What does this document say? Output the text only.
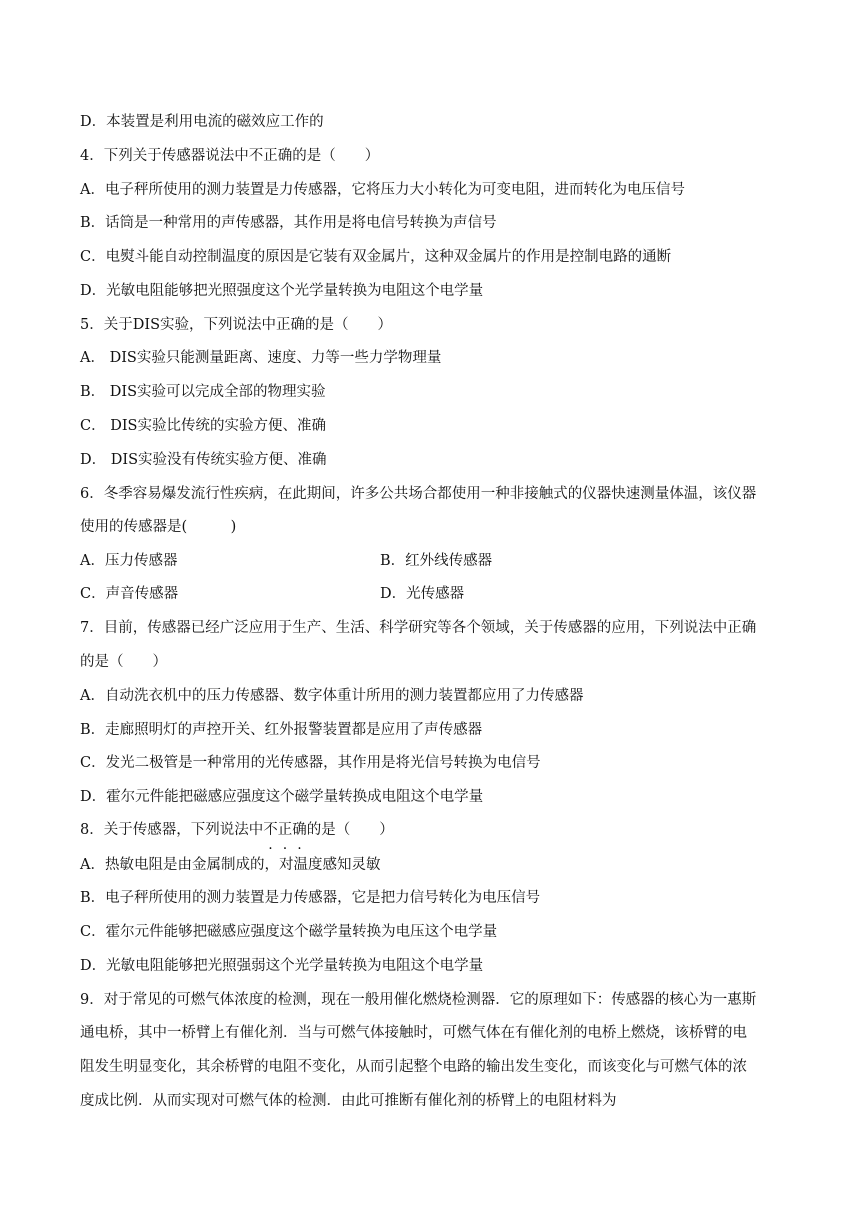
D．本装置是利用电流的磁效应工作的
4．下列关于传感器说法中不正确的是（　　）
A．电子秤所使用的测力装置是力传感器，它将压力大小转化为可变电阻，进而转化为电压信号
B．话筒是一种常用的声传感器，其作用是将电信号转换为声信号
C．电熨斗能自动控制温度的原因是它装有双金属片，这种双金属片的作用是控制电路的通断
D．光敏电阻能够把光照强度这个光学量转换为电阻这个电学量
5．关于DIS实验，下列说法中正确的是（　　）
A． DIS实验只能测量距离、速度、力等一些力学物理量
B． DIS实验可以完成全部的物理实验
C． DIS实验比传统的实验方便、准确
D． DIS实验没有传统实验方便、准确
6．冬季容易爆发流行性疾病，在此期间，许多公共场合都使用一种非接触式的仪器快速测量体温，该仪器
使用的传感器是(　　　)
A．压力传感器	B．红外线传感器
C．声音传感器	D．光传感器
7．目前，传感器已经广泛应用于生产、生活、科学研究等各个领域，关于传感器的应用，下列说法中正确
的是（　　）
A．自动洗衣机中的压力传感器、数字体重计所用的测力装置都应用了力传感器
B．走廊照明灯的声控开关、红外报警装置都是应用了声传感器
C．发光二极管是一种常用的光传感器，其作用是将光信号转换为电信号
D．霍尔元件能把磁感应强度这个磁学量转换成电阻这个电学量
8．关于传感器，下列说法中不正确的是（　　）
A．热敏电阻是由金属制成的，对温度感知灵敏
B．电子秤所使用的测力装置是力传感器，它是把力信号转化为电压信号
C．霍尔元件能够把磁感应强度这个磁学量转换为电压这个电学量
D．光敏电阻能够把光照强弱这个光学量转换为电阻这个电学量
9．对于常见的可燃气体浓度的检测，现在一般用催化燃烧检测器．它的原理如下：传感器的核心为一惠斯
通电桥，其中一桥臂上有催化剂．当与可燃气体接触时，可燃气体在有催化剂的电桥上燃烧，该桥臂的电
阻发生明显变化，其余桥臂的电阻不变化，从而引起整个电路的输出发生变化，而该变化与可燃气体的浓
度成比例．从而实现对可燃气体的检测．由此可推断有催化剂的桥臂上的电阻材料为
